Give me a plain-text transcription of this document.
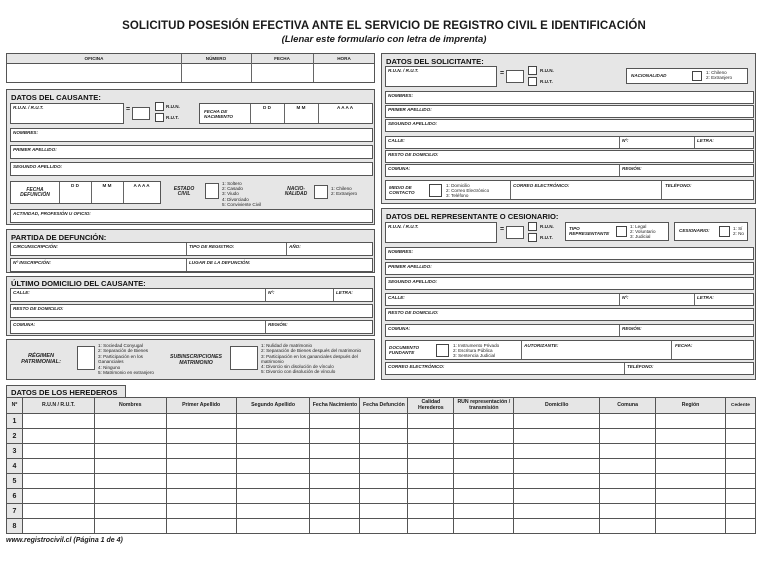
SOLICITUD POSESIÓN EFECTIVA ANTE EL SERVICIO DE REGISTRO CIVIL E IDENTIFICACIÓN
(Llenar este formulario con letra de imprenta)
OFICINA	NÚMERO	FECHA	HORA
DATOS DEL CAUSANTE:
R.U.N. / R.U.T.	=	R.U.N.
R.U.T.
FECHA DE NACIMIENTO
D D	M M	A A A A
NOMBRES:
PRIMER APELLIDO:
SEGUNDO APELLIDO:
FECHA DEFUNCIÓN
D D	M M	A A A A
ESTADO CIVIL
1: Soltero
2: Casado
3: Viudo
4: Divorciado
5: Conviviente Civil
NACIO- NALIDAD
1: Chileno
2: Extranjero
ACTIVIDAD, PROFESIÓN U OFICIO:
PARTIDA DE DEFUNCIÓN:
CIRCUNSCRIPCIÓN:	TIPO DE REGISTRO:	AÑO:
Nº INSCRIPCIÓN:	LUGAR DE LA DEFUNCIÓN:
ÚLTIMO DOMICILIO DEL CAUSANTE:
CALLE:	Nº:	LETRA:
RESTO DE DOMICILIO:
COMUNA:	REGIÓN:
RÉGIMEN PATRIMONIAL:
1: Sociedad Conyugal
2: Separación de Bienes
3: Participación en los Gananciales
4: Ninguno
5: Matrimonio en extranjero
SUBINSCRIPCIONES MATRIMONIO
1: Nulidad de matrimonio
2: Separación de Bienes después del matrimonio
3: Participación en los gananciales después del matrimonio
4: Divorcio sin disolución de vínculo
5: Divorcio con disolución de vínculo
DATOS DEL SOLICITANTE:
R.U.N. / R.U.T.	=	R.U.N.
R.U.T.
NACIONALIDAD
1: Chileno
2: Extranjero
NOMBRES:
PRIMER APELLIDO:
SEGUNDO APELLIDO:
CALLE:	Nº:	LETRA:
RESTO DE DOMICILIO:
COMUNA:	REGIÓN:
MEDIO DE CONTACTO
1: Domicilio
2: Correo Electrónico
3: Teléfono
CORREO ELECTRÓNICO:	TELÉFONO:
DATOS DEL REPRESENTANTE O CESIONARIO:
R.U.N. / R.U.T.	=	R.U.N.
R.U.T.
TIPO REPRESENTANTE
1: Legal
2: Voluntario
3: Judicial
CESIONARIO:	1: Sí
2: No
NOMBRES:
PRIMER APELLIDO:
SEGUNDO APELLIDO:
CALLE:	Nº:	LETRA:
RESTO DE DOMICILIO:
COMUNA:	REGIÓN:
DOCUMENTO FUNDANTE
1: Instrumento Privado
2: Escritura Pública
3: Sentencia Judicial
AUTORIZANTE:	FECHA:
CORREO ELECTRÓNICO:	TELÉFONO:
DATOS DE LOS HEREDEROS
Nº	R.U.N / R.U.T.	Nombres	Primer Apellido	Segundo Apellido	Fecha Nacimiento	Fecha Defunción	Calidad Herederos	RUN representación / transmisión	Domicilio	Comuna	Región	Cedente
1												
2												
3												
4												
5												
6												
7												
8												
www.registrocivil.cl (Página 1 de 4)
